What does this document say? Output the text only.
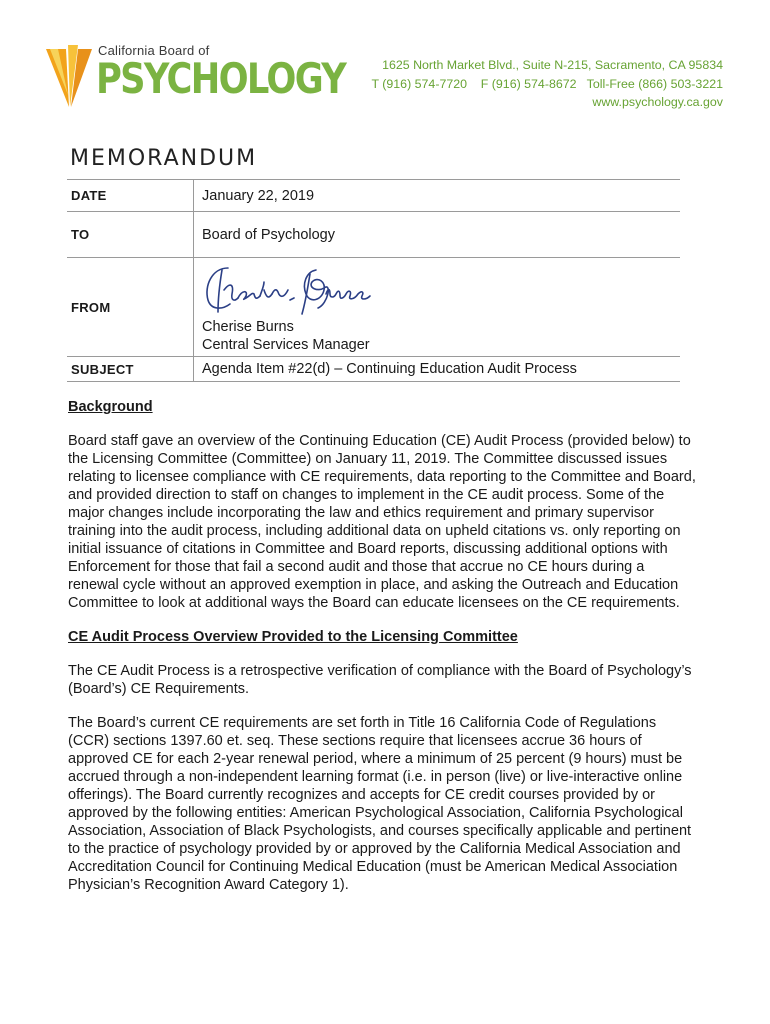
California Board of
PSYCHOLOGY	1625 North Market Blvd., Suite N-215, Sacramento, CA 95834
T (916) 574-7720    F (916) 574-8672   Toll-Free (866) 503-3221
www.psychology.ca.gov
MEMORANDUM
DATE	January 22, 2019
TO	Board of Psychology
FROM	Cherise Burns
Central Services Manager

SUBJECT	Agenda Item #22(d) – Continuing Education Audit Process
Background

Board staff gave an overview of the Continuing Education (CE) Audit Process (provided below) to the Licensing Committee (Committee) on January 11, 2019. The Committee discussed issues relating to licensee compliance with CE requirements, data reporting to the Committee and Board, and provided direction to staff on changes to implement in the CE audit process. Some of the major changes include incorporating the law and ethics requirement and primary supervisor training into the audit process, including additional data on upheld citations vs. only reporting on initial issuance of citations in Committee and Board reports, discussing additional options with Enforcement for those that fail a second audit and those that accrue no CE hours during a renewal cycle without an approved exemption in place, and asking the Outreach and Education Committee to look at additional ways the Board can educate licensees on the CE requirements.

CE Audit Process Overview Provided to the Licensing Committee

The CE Audit Process is a retrospective verification of compliance with the Board of Psychology’s (Board’s) CE Requirements.

The Board’s current CE requirements are set forth in Title 16 California Code of Regulations (CCR) sections 1397.60 et. seq. These sections require that licensees accrue 36 hours of approved CE for each 2-year renewal period, where a minimum of 25 percent (9 hours) must be accrued through a non-independent learning format (i.e. in person (live) or live-interactive online offerings). The Board currently recognizes and accepts for CE credit courses provided by or approved by the following entities: American Psychological Association, California Psychological Association, Association of Black Psychologists, and courses specifically applicable and pertinent to the practice of psychology provided by or approved by the California Medical Association and Accreditation Council for Continuing Medical Education (must be American Medical Association Physician’s Recognition Award Category 1).
